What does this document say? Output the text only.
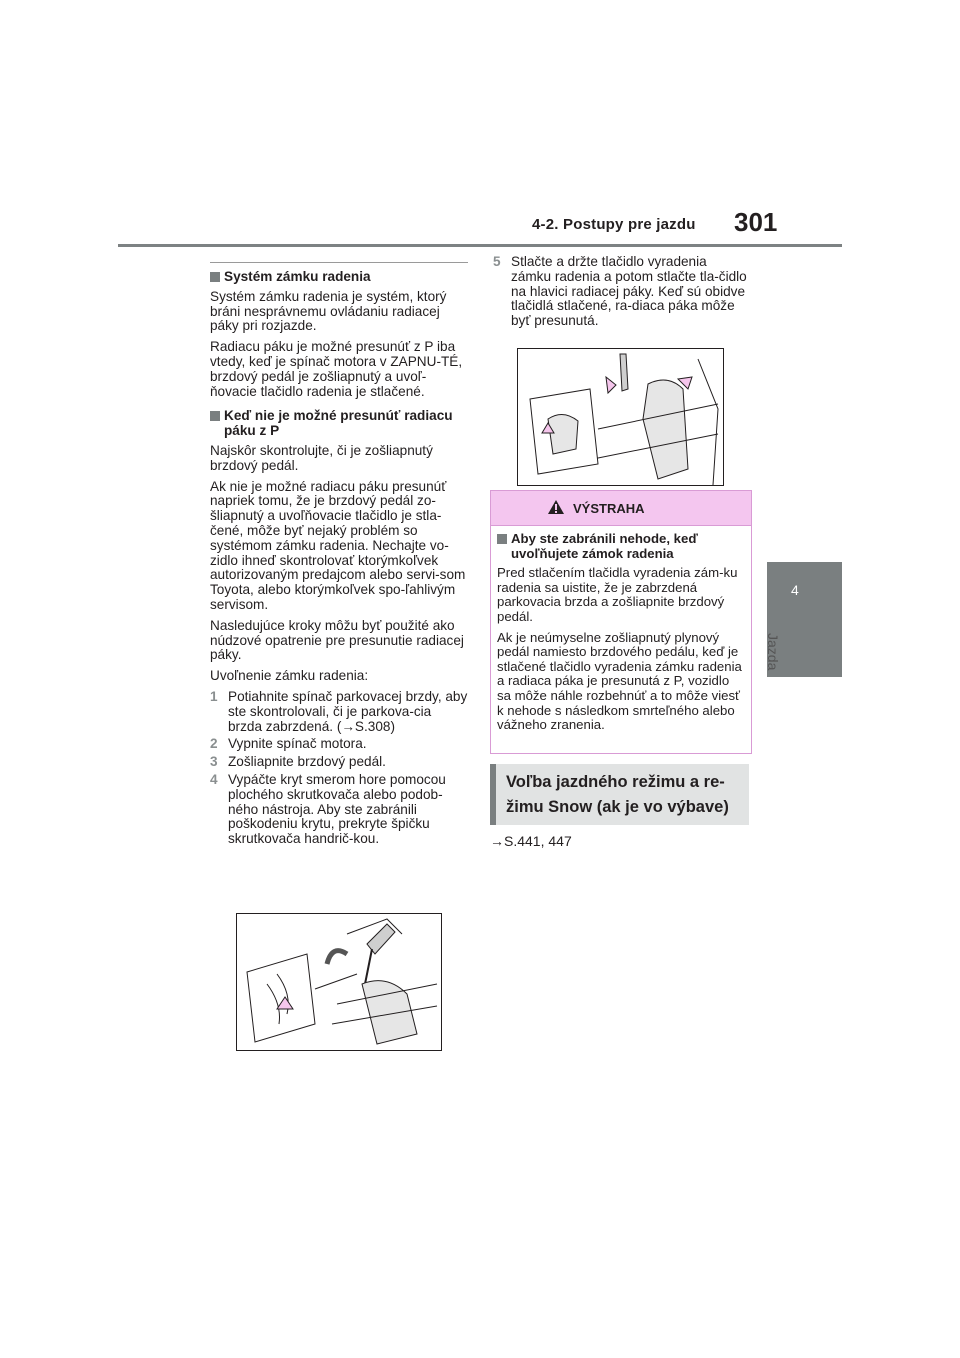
4-2. Postupy pre jazdu 301
4
Jazda
Systém zámku radenia

Systém zámku radenia je systém, ktorý bráni nesprávnemu ovládaniu radiacej páky pri rozjazde.

Radiacu páku je možné presunúť z P iba vtedy, keď je spínač motora v ZAPNU-TÉ, brzdový pedál je zošliapnutý a uvoľ-ňovacie tlačidlo radenia je stlačené.

Keď nie je možné presunúť radiacu páku z P

Najskôr skontrolujte, či je zošliapnutý brzdový pedál.

Ak nie je možné radiacu páku presunúť napriek tomu, že je brzdový pedál zo-šliapnutý a uvoľňovacie tlačidlo je stla-čené, môže byť nejaký problém so systémom zámku radenia. Nechajte vo-zidlo ihneď skontrolovať ktorýmkoľvek autorizovaným predajcom alebo servi-som Toyota, alebo ktorýmkoľvek spo-ľahlivým servisom.

Nasledujúce kroky môžu byť použité ako núdzové opatrenie pre presunutie radiacej páky.

Uvoľnenie zámku radenia:

1 Potiahnite spínač parkovacej brzdy, aby ste skontrolovali, či je parkova-cia brzda zabrzdená. (→S.308)
2 Vypnite spínač motora.
3 Zošliapnite brzdový pedál.
4 Vypáčte kryt smerom hore pomocou plochého skrutkovača alebo podob-ného nástroja. Aby ste zabránili poškodeniu krytu, prekryte špičku skrutkovača handrič-kou.
5 Stlačte a držte tlačidlo vyradenia zámku radenia a potom stlačte tla-čidlo na hlavici radiacej páky. Keď sú obidve tlačidlá stlačené, ra-diaca páka môže byť presunutá.
VÝSTRAHA
Aby ste zabránili nehode, keď uvoľňujete zámok radenia

Pred stlačením tlačidla vyradenia zám-ku radenia sa uistite, že je zabrzdená parkovacia brzda a zošliapnite brzdový pedál.

Ak je neúmyselne zošliapnutý plynový pedál namiesto brzdového pedálu, keď je stlačené tlačidlo vyradenia zámku radenia a radiaca páka je presunutá z P, vozidlo sa môže náhle rozbehnúť a to môže viesť k nehode s následkom smrteľného alebo vážneho zranenia.

Voľba jazdného režimu a re-žimu Snow (ak je vo výbave)
→S.441, 447
